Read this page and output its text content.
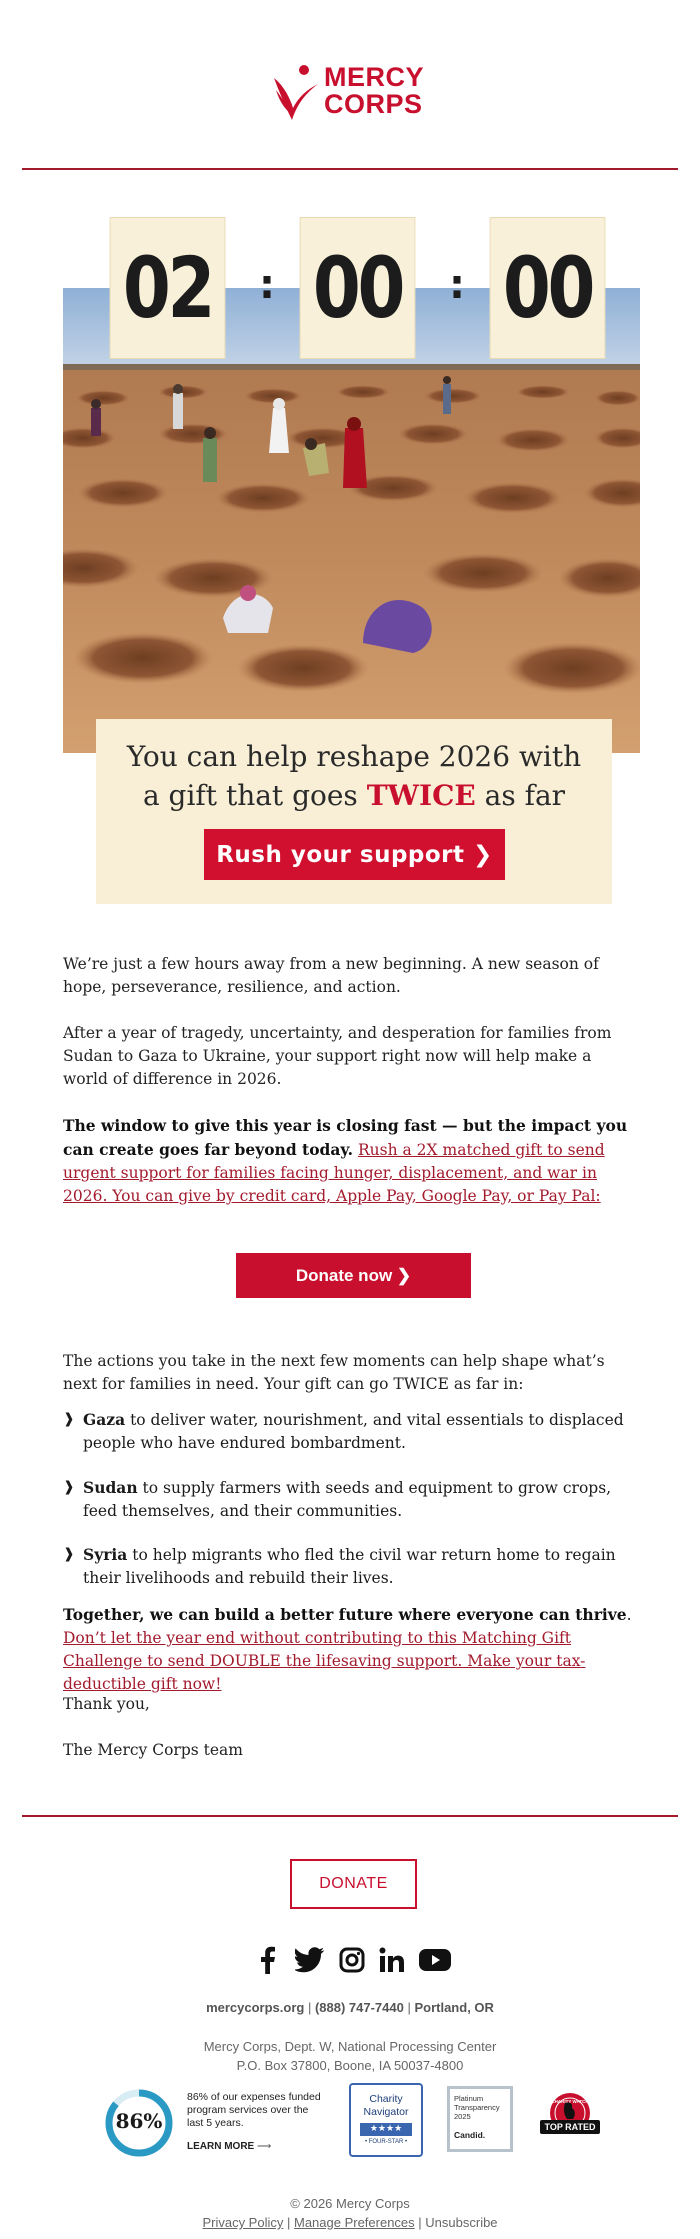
MERCY
CORPS
02	: 00	: 00
You can help reshape 2026 with
a gift that goes TWICE as far
Rush your support ❯
We’re just a few hours away from a new beginning. A new season of hope, perseverance, resilience, and action.
After a year of tragedy, uncertainty, and desperation for families from Sudan to Gaza to Ukraine, your support right now will help make a world of difference in 2026.
The window to give this year is closing fast — but the impact you can create goes far beyond today. Rush a 2X matched gift to send urgent support for families facing hunger, displacement, and war in 2026. You can give by credit card, Apple Pay, Google Pay, or Pay Pal:
Donate now ❯
The actions you take in the next few moments can help shape what’s next for families in need. Your gift can go TWICE as far in:
❱ Gaza to deliver water, nourishment, and vital essentials to displaced people who have endured bombardment.
❱ Sudan to supply farmers with seeds and equipment to grow crops, feed themselves, and their communities.
❱ Syria to help migrants who fled the civil war return home to regain their livelihoods and rebuild their lives.
Together, we can build a better future where everyone can thrive.
Don’t let the year end without contributing to this Matching Gift Challenge to send DOUBLE the lifesaving support. Make your tax-deductible gift now!
Thank you,
The Mercy Corps team
DONATE
mercycorps.org | (888) 747-7440 | Portland, OR
Mercy Corps, Dept. W, National Processing Center
P.O. Box 37800, Boone, IA 50037-4800
86%
86% of our expenses funded program services over the last 5 years.
LEARN MORE ⟶
Charity
Navigator
★★★★
• FOUR-STAR •
Platinum
Transparency
2025
Candid.
CHARITY WATCH
TOP RATED
© 2026 Mercy Corps
Privacy Policy | Manage Preferences | Unsubscribe
